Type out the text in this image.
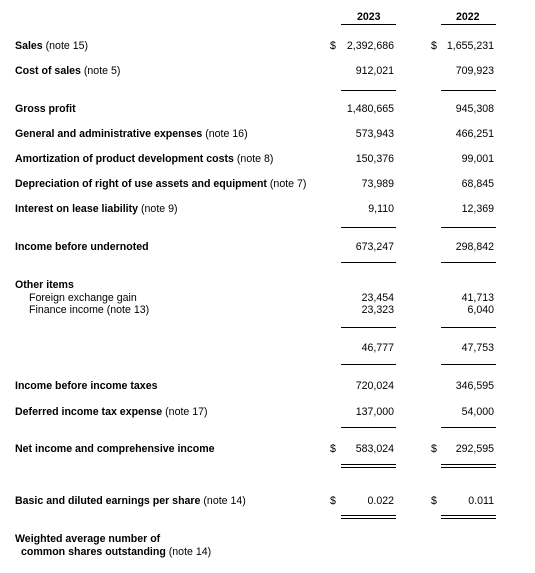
2023	2022
Sales (note 15)	$ 2,392,686	$ 1,655,231
Cost of sales (note 5)	912,021	709,923
Gross profit	1,480,665	945,308
General and administrative expenses (note 16)	573,943	466,251
Amortization of product development costs (note 8)	150,376	99,001
Depreciation of right of use assets and equipment (note 7)	73,989	68,845
Interest on lease liability (note 9)	9,110	12,369
Income before undernoted	673,247	298,842
Other items
Foreign exchange gain	23,454	41,713
Finance income (note 13)	23,323	6,040
46,777	47,753
Income before income taxes	720,024	346,595
Deferred income tax expense (note 17)	137,000	54,000
Net income and comprehensive income	$ 583,024	$ 292,595
Basic and diluted earnings per share (note 14)	$	0.022	$	0.011
Weighted average number of
common shares outstanding (note 14)
